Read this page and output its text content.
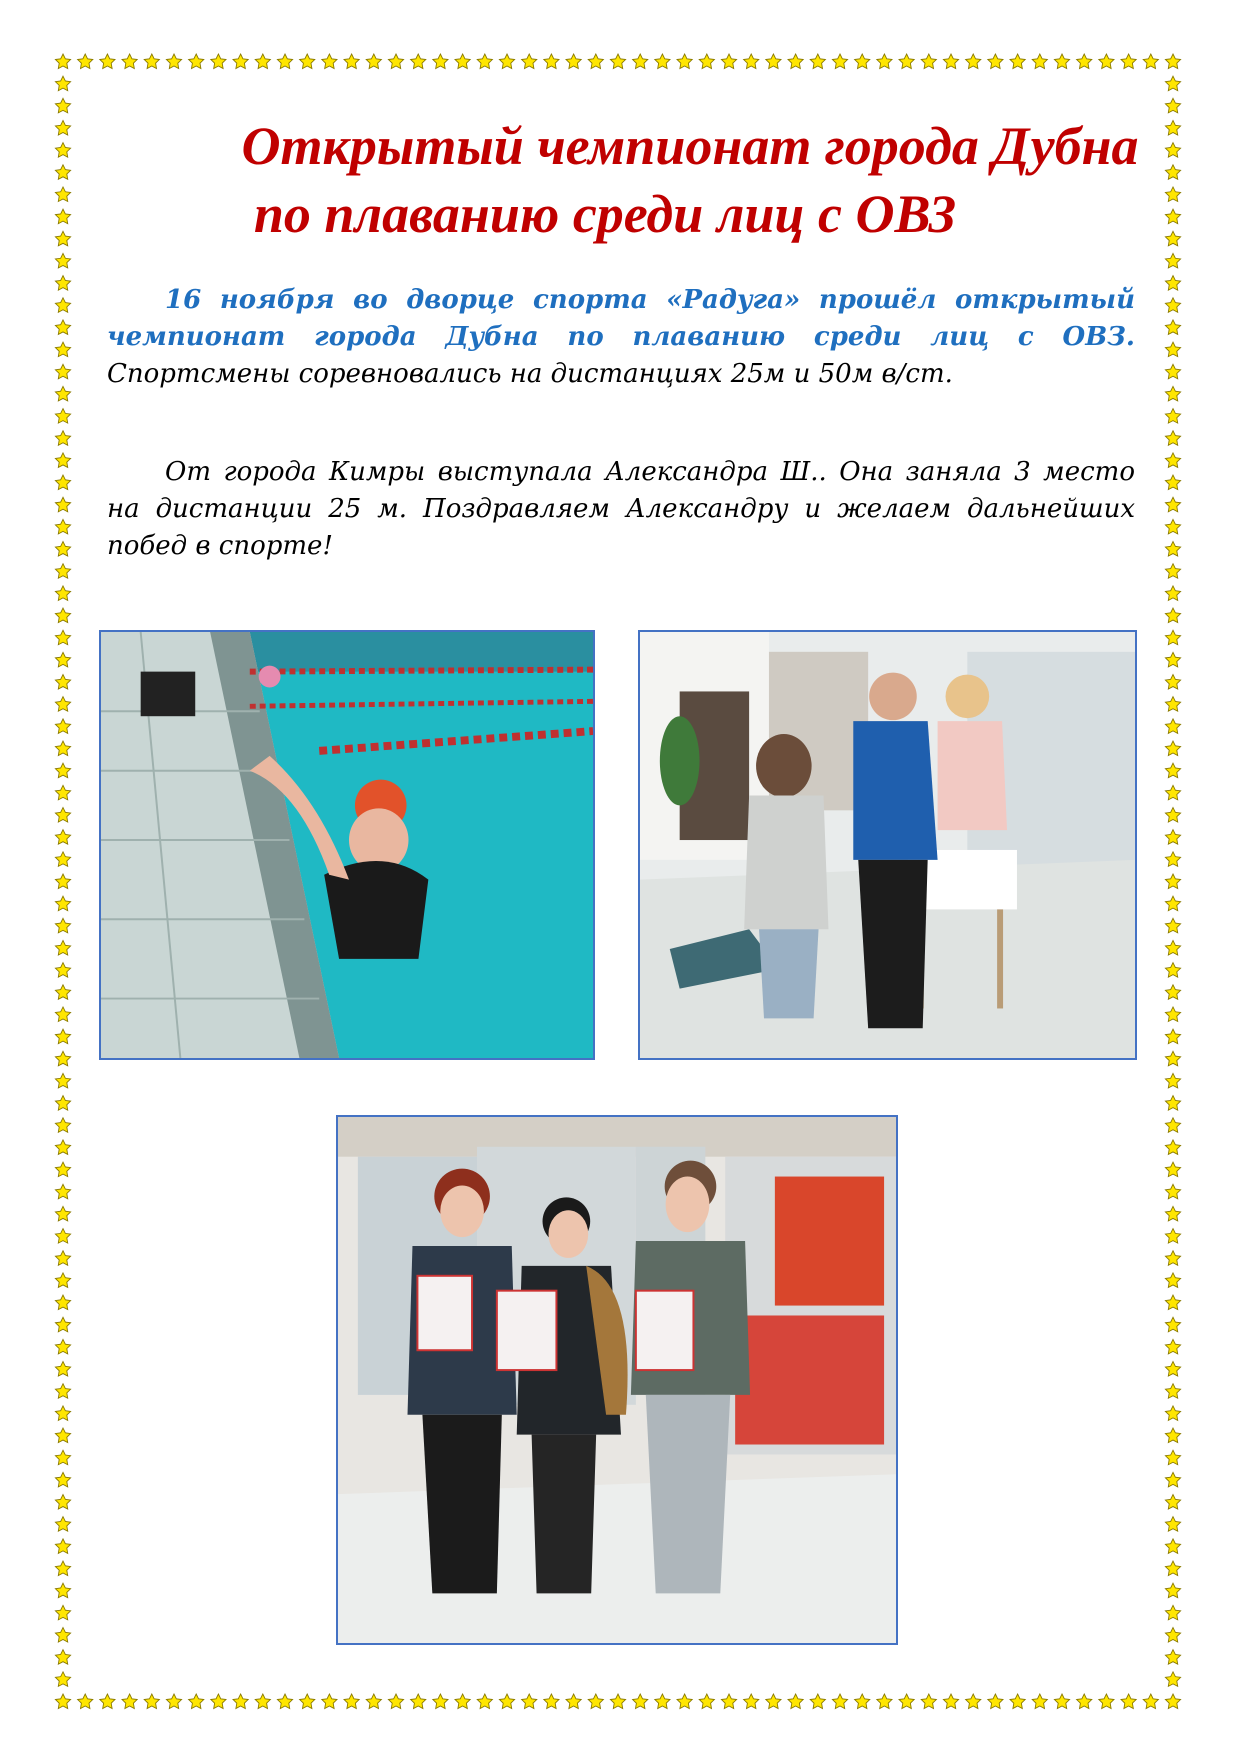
Открытый чемпионат города Дубна
по плаванию среди лиц с ОВЗ
16 ноября во дворце спорта «Радуга» прошёл открытый чемпионат города Дубна по плаванию среди лиц с ОВЗ. Спортсмены соревновались на дистанциях 25м и 50м в/ст.
От города Кимры выступала Александра Ш.. Она заняла 3 место на дистанции 25 м. Поздравляем Александру и желаем дальнейших побед в спорте!
